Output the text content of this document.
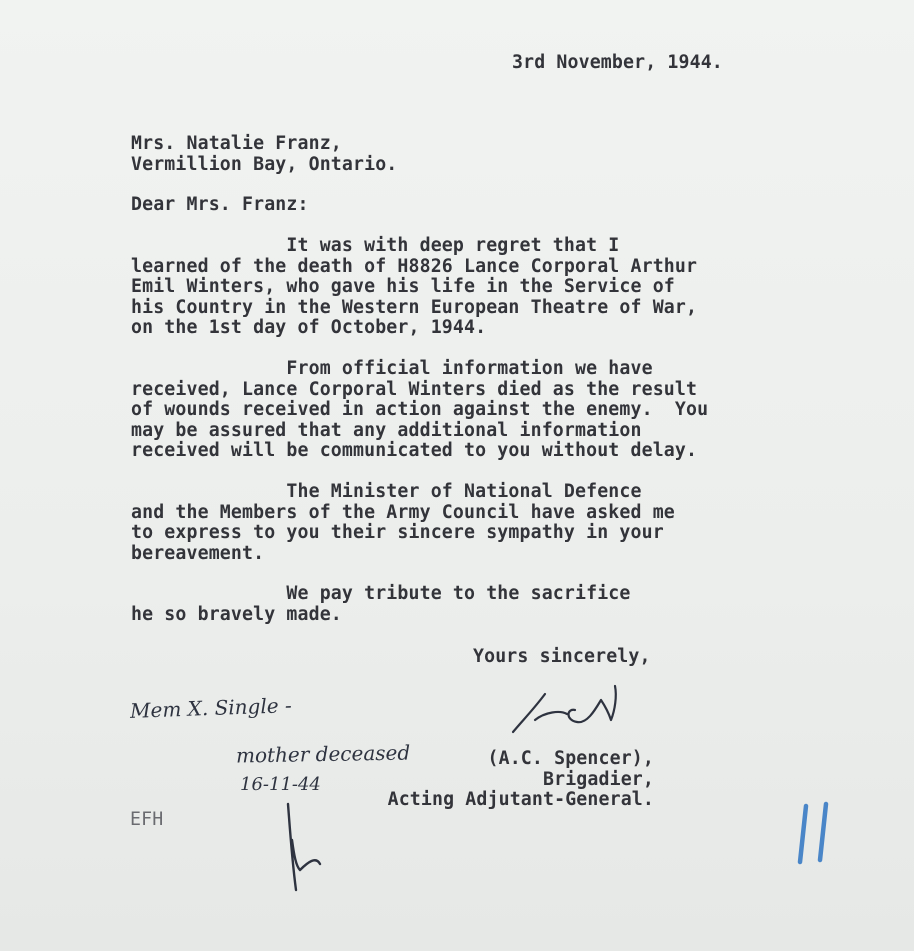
3rd November, 1944.
Mrs. Natalie Franz,
Vermillion Bay, Ontario.
Dear Mrs. Franz:
It was with deep regret that I
learned of the death of H8826 Lance Corporal Arthur
Emil Winters, who gave his life in the Service of
his Country in the Western European Theatre of War,
on the 1st day of October, 1944.
From official information we have
received, Lance Corporal Winters died as the result
of wounds received in action against the enemy.  You
may be assured that any additional information
received will be communicated to you without delay.
The Minister of National Defence
and the Members of the Army Council have asked me
to express to you their sincere sympathy in your
bereavement.
We pay tribute to the sacrifice
he so bravely made.
Yours sincerely,
(A.C. Spencer),
Brigadier,
Acting Adjutant-General.
EFH
Mem X. Single -
mother deceased
16-11-44
